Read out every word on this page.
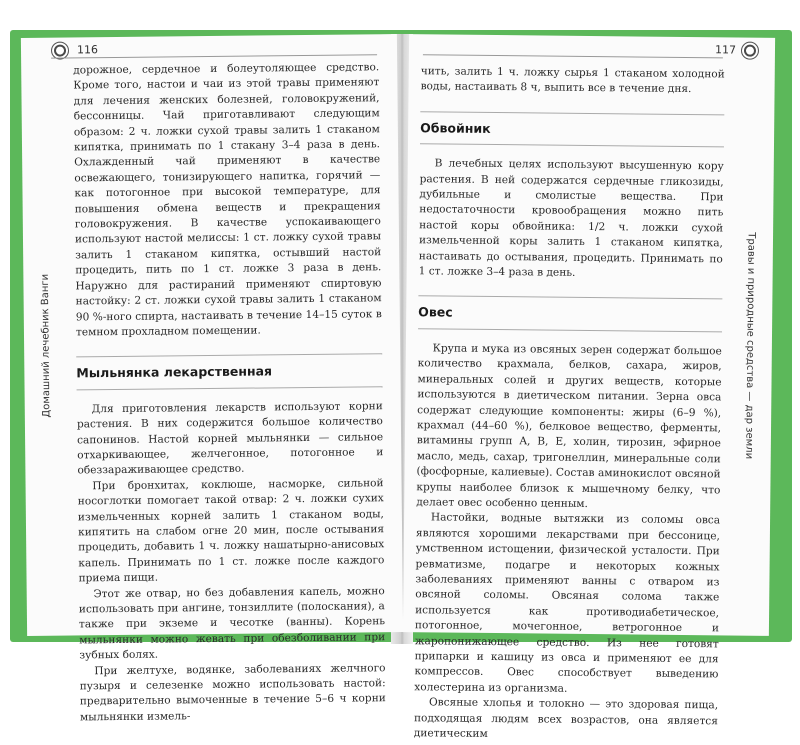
116
Домашний лечебник Ванги

дорожное, сердечное и болеутоляющее средство. Кроме того, настои и чаи из этой травы применяют для лечения женских болезней, головокружений, бессонницы. Чай приготавливают следующим образом: 2 ч. ложки сухой травы залить 1 стаканом кипятка, принимать по 1 стакану 3–4 раза в день. Охлажденный чай применяют в качестве освежающего, тонизирующего напитка, горячий — как потогонное при высокой температуре, для повышения обмена веществ и прекращения головокружения. В качестве успокаивающего используют настой мелиссы: 1 ст. ложку сухой травы залить 1 стаканом кипятка, остывший настой процедить, пить по 1 ст. ложке 3 раза в день. Наружно для растираний применяют спиртовую настойку: 2 ст. ложки сухой травы залить 1 стаканом 90 %-ного спирта, настаивать в течение 14–15 суток в темном прохладном помещении.

Мыльнянка лекарственная

Для приготовления лекарств используют корни растения. В них содержится большое количество сапонинов. Настой корней мыльнянки — сильное отхаркивающее, желчегонное, потогонное и обеззараживающее средство.

При бронхитах, коклюше, насморке, сильной носоглотки помогает такой отвар: 2 ч. ложки сухих измельченных корней залить 1 стаканом воды, кипятить на слабом огне 20 мин, после остывания процедить, добавить 1 ч. ложку нашатырно-анисовых капель. Принимать по 1 ст. ложке после каждого приема пищи.

Этот же отвар, но без добавления капель, можно использовать при ангине, тонзиллите (полоскания), а также при экземе и чесотке (ванны). Корень мыльнянки можно жевать при обезболивании при зубных болях.

При желтухе, водянке, заболеваниях желчного пузыря и селезенке можно использовать настой: предварительно вымоченные в течение 5–6 ч корни мыльнянки измель-

117
Травы и природные средства — дар земли

чить, залить 1 ч. ложку сырья 1 стаканом холодной воды, настаивать 8 ч, выпить все в течение дня.

Обвойник

В лечебных целях используют высушенную кору растения. В ней содержатся сердечные гликозиды, дубильные и смолистые вещества. При недостаточности кровообращения можно пить настой коры обвойника: 1/2 ч. ложки сухой измельченной коры залить 1 стаканом кипятка, настаивать до остывания, процедить. Принимать по 1 ст. ложке 3–4 раза в день.

Овес

Крупа и мука из овсяных зерен содержат большое количество крахмала, белков, сахара, жиров, минеральных солей и других веществ, которые используются в диетическом питании. Зерна овса содержат следующие компоненты: жиры (6–9 %), крахмал (44–60 %), белковое вещество, ферменты, витамины групп A, B, E, холин, тирозин, эфирное масло, медь, сахар, тригонеллин, минеральные соли (фосфорные, калиевые). Состав аминокислот овсяной крупы наиболее близок к мышечному белку, что делает овес особенно ценным.

Настойки, водные вытяжки из соломы овса являются хорошими лекарствами при бессонице, умственном истощении, физической усталости. При ревматизме, подагре и некоторых кожных заболеваниях применяют ванны с отваром из овсяной соломы. Овсяная солома также используется как противодиабетическое, потогонное, мочегонное, ветрогонное и жаропонижающее средство. Из нее готовят припарки и кашицу из овса и применяют ее для компрессов. Овес способствует выведению холестерина из организма.

Овсяные хлопья и толокно — это здоровая пища, подходящая людям всех возрастов, она является диетическим
